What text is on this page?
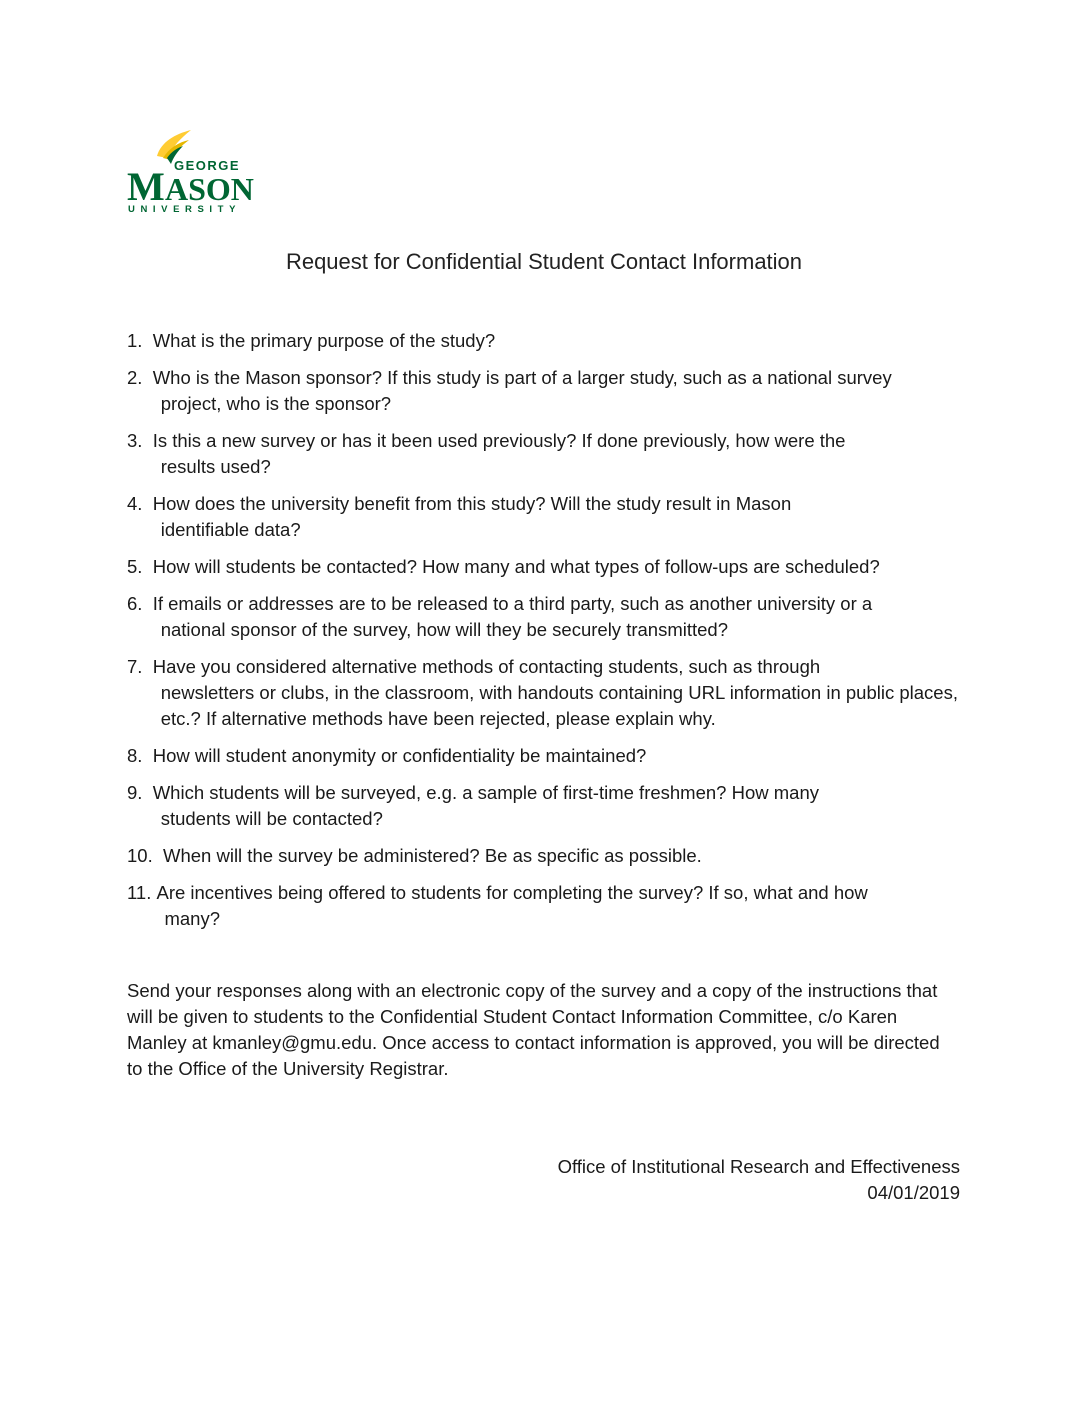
GEORGE
M ASON
UNIVERSITY
Request for Confidential Student Contact Information
1. What is the primary purpose of the study?
2. Who is the Mason sponsor? If this study is part of a larger study, such as a national survey
project, who is the sponsor?
3. Is this a new survey or has it been used previously? If done previously, how were the
results used?
4. How does the university benefit from this study? Will the study result in Mason
identifiable data?
5. How will students be contacted? How many and what types of follow-ups are scheduled?
6. If emails or addresses are to be released to a third party, such as another university or a
national sponsor of the survey, how will they be securely transmitted?
7. Have you considered alternative methods of contacting students, such as through
newsletters or clubs, in the classroom, with handouts containing URL information in public places, etc.? If alternative methods have been rejected, please explain why.
8. How will student anonymity or confidentiality be maintained?
9. Which students will be surveyed, e.g. a sample of first-time freshmen? How many
students will be contacted?
10. When will the survey be administered? Be as specific as possible.
11. Are incentives being offered to students for completing the survey? If so, what and how
many?

Send your responses along with an electronic copy of the survey and a copy of the instructions that will be given to students to the Confidential Student Contact Information Committee, c/o Karen Manley at kmanley@gmu.edu. Once access to contact information is approved, you will be directed to the Office of the University Registrar.

Office of Institutional Research and Effectiveness
04/01/2019
